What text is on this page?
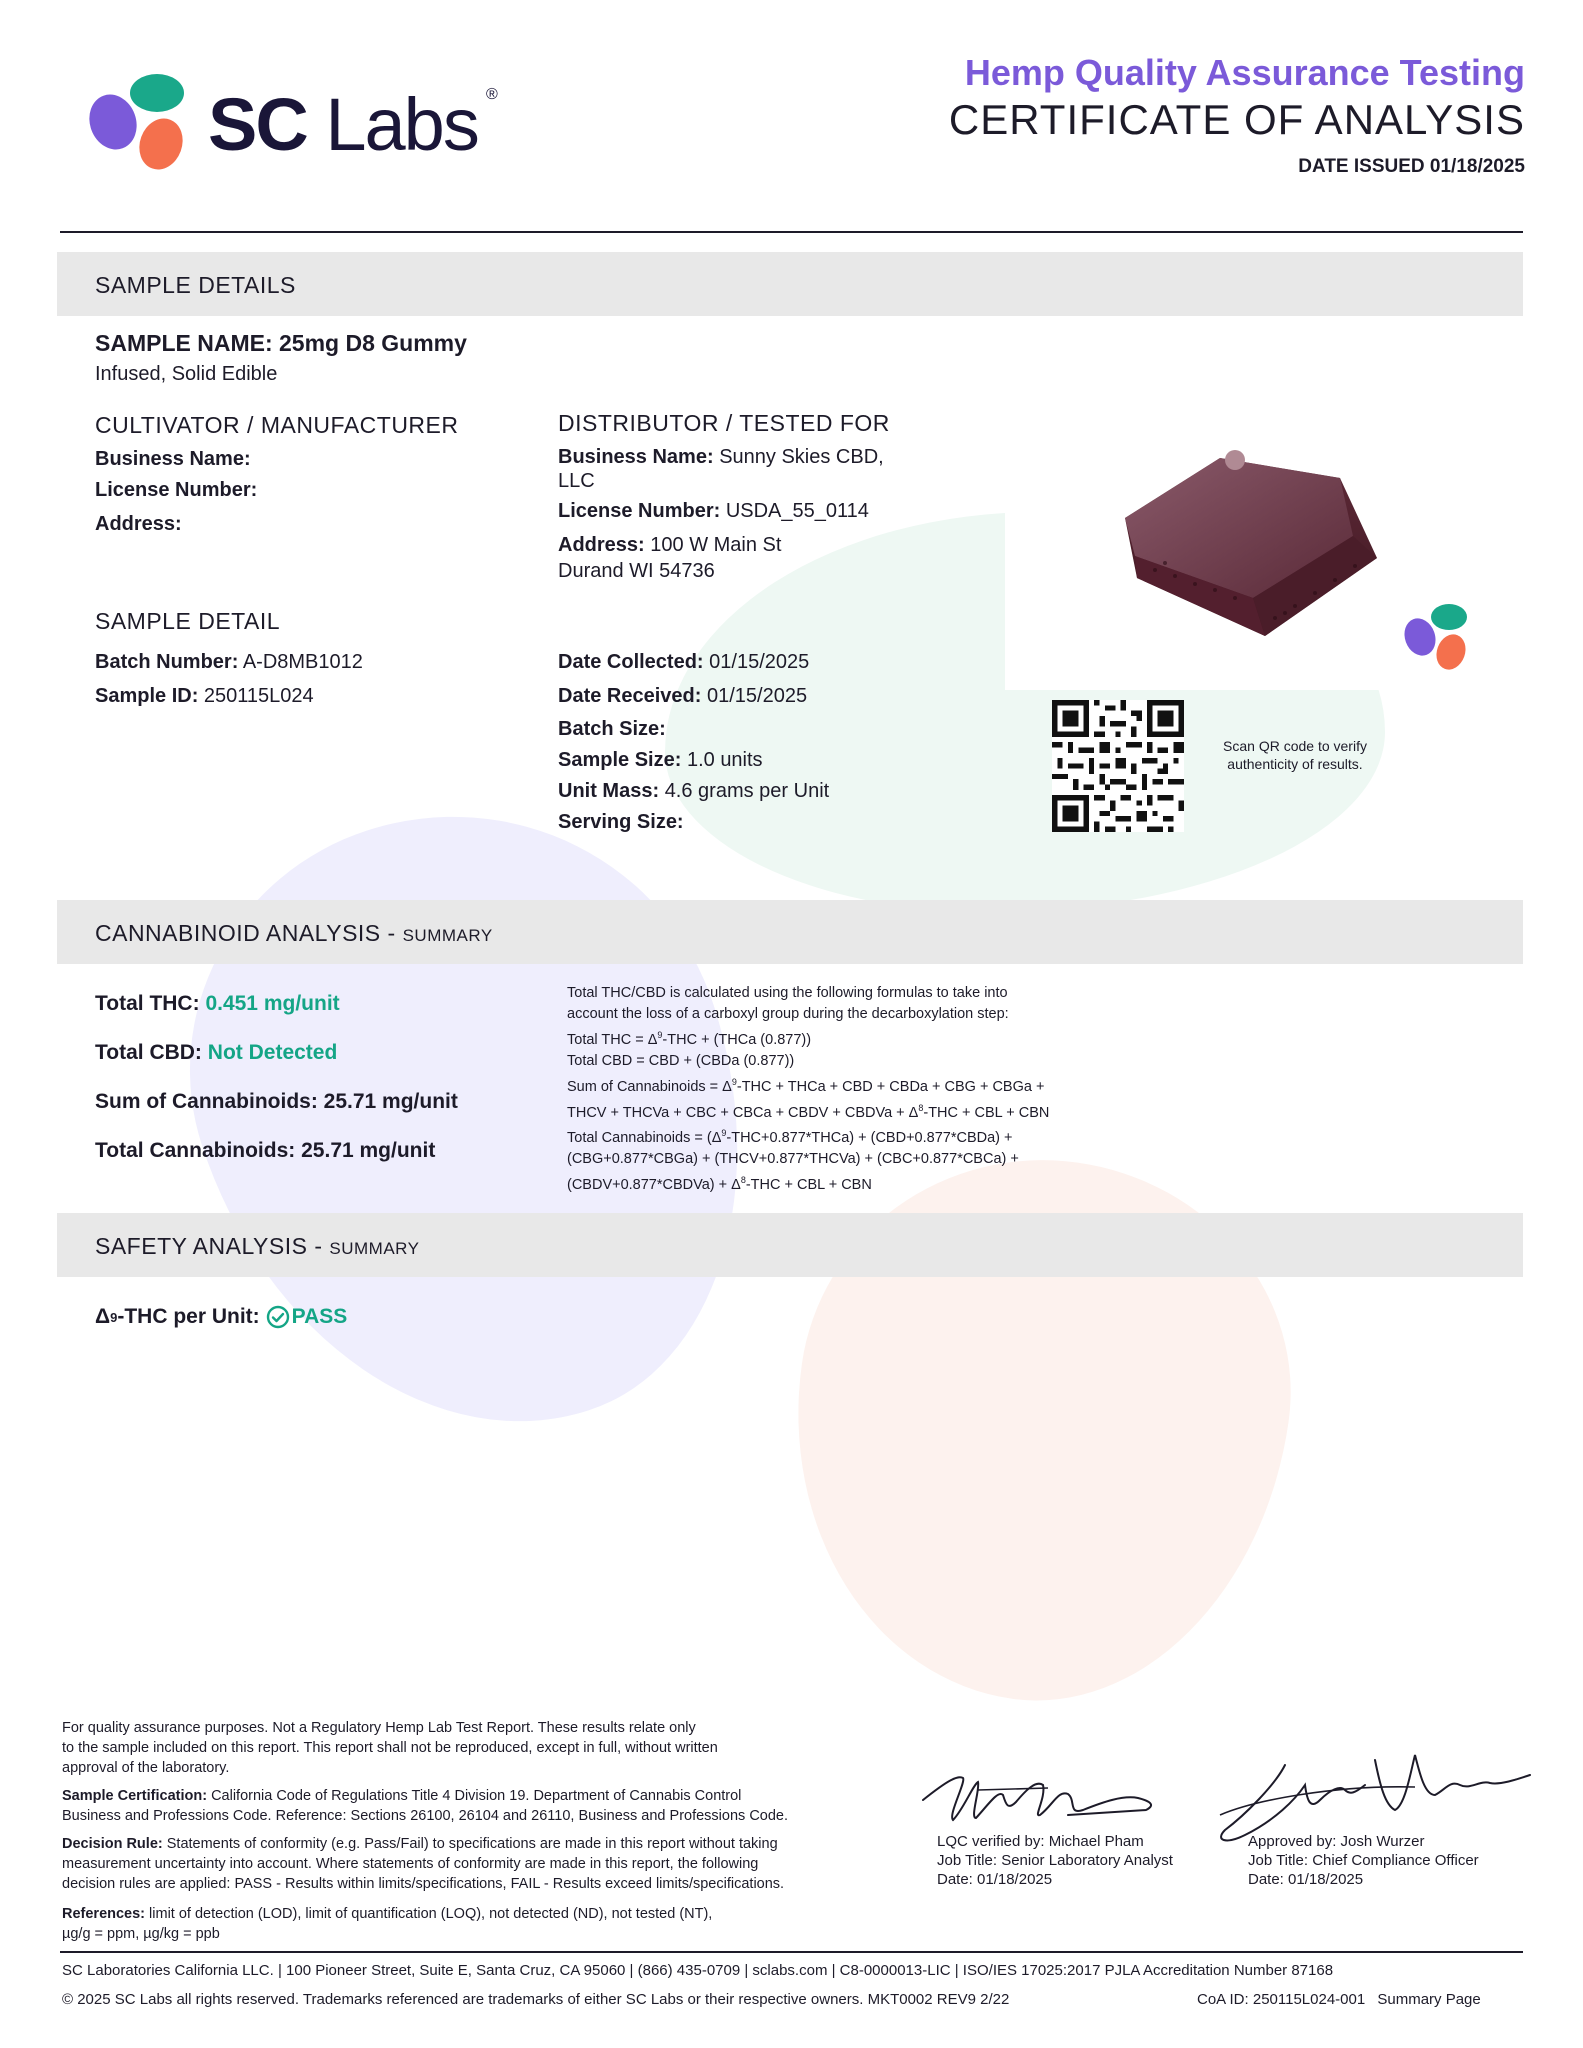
SC Labs ®
Hemp Quality Assurance Testing
CERTIFICATE OF ANALYSIS
DATE ISSUED 01/18/2025
SAMPLE DETAILS
SAMPLE NAME: 25mg D8 Gummy
Infused, Solid Edible
CULTIVATOR / MANUFACTURER
Business Name:
License Number:
Address:
DISTRIBUTOR / TESTED FOR
Business Name: Sunny Skies CBD,
LLC
License Number: USDA_55_0114
Address: 100 W Main St
Durand WI 54736
SAMPLE DETAIL
Batch Number: A-D8MB1012
Sample ID: 250115L024
Date Collected: 01/15/2025
Date Received: 01/15/2025
Batch Size:
Sample Size: 1.0 units
Unit Mass: 4.6 grams per Unit
Serving Size:
Scan QR code to verify
authenticity of results.
CANNABINOID ANALYSIS - SUMMARY
Total THC: 0.451 mg/unit
Total CBD: Not Detected
Sum of Cannabinoids: 25.71 mg/unit
Total Cannabinoids: 25.71 mg/unit
Total THC/CBD is calculated using the following formulas to take into
account the loss of a carboxyl group during the decarboxylation step:
Total THC = $\Delta^9$-THC + (THCa (0.877))
Total CBD = CBD + (CBDa (0.877))
Sum of Cannabinoids = $\Delta^9$-THC + THCa + CBD + CBDa + CBG + CBGa +
THCV + THCVa + CBC + CBCa + CBDV + CBDVa + $\Delta^8$-THC + CBL + CBN
Total Cannabinoids = $(\Delta^9-THC+0.877*THCa)$ + (CBD+0.877*CBDa) +
(CBG+0.877*CBGa) + (THCV+0.877*THCVa) + (CBC+0.877*CBCa) +
(CBDV+0.877*CBDVa) + $\Delta^8$-THC + CBL + CBN
SAFETY ANALYSIS - SUMMARY
Δ 9 -THC per Unit: PASS
For quality assurance purposes. Not a Regulatory Hemp Lab Test Report. These results relate only
to the sample included on this report. This report shall not be reproduced, except in full, without written
approval of the laboratory.
Sample Certification: California Code of Regulations Title 4 Division 19. Department of Cannabis Control
Business and Professions Code. Reference: Sections 26100, 26104 and 26110, Business and Professions Code.
Decision Rule: Statements of conformity (e.g. Pass/Fail) to specifications are made in this report without taking
measurement uncertainty into account. Where statements of conformity are made in this report, the following
decision rules are applied: PASS - Results within limits/specifications, FAIL - Results exceed limits/specifications.
References: limit of detection (LOD), limit of quantification (LOQ), not detected (ND), not tested (NT),
µg/g = ppm, µg/kg = ppb
LQC verified by: Michael Pham
Job Title: Senior Laboratory Analyst
Date: 01/18/2025
Approved by: Josh Wurzer
Job Title: Chief Compliance Officer
Date: 01/18/2025
SC Laboratories California LLC. | 100 Pioneer Street, Suite E, Santa Cruz, CA 95060 | (866) 435-0709 | sclabs.com | C8-0000013-LIC | ISO/IES 17025:2017 PJLA Accreditation Number 87168
© 2025 SC Labs all rights reserved. Trademarks referenced are trademarks of either SC Labs or their respective owners. MKT0002 REV9 2/22	CoA ID: 250115L024-001 Summary Page
